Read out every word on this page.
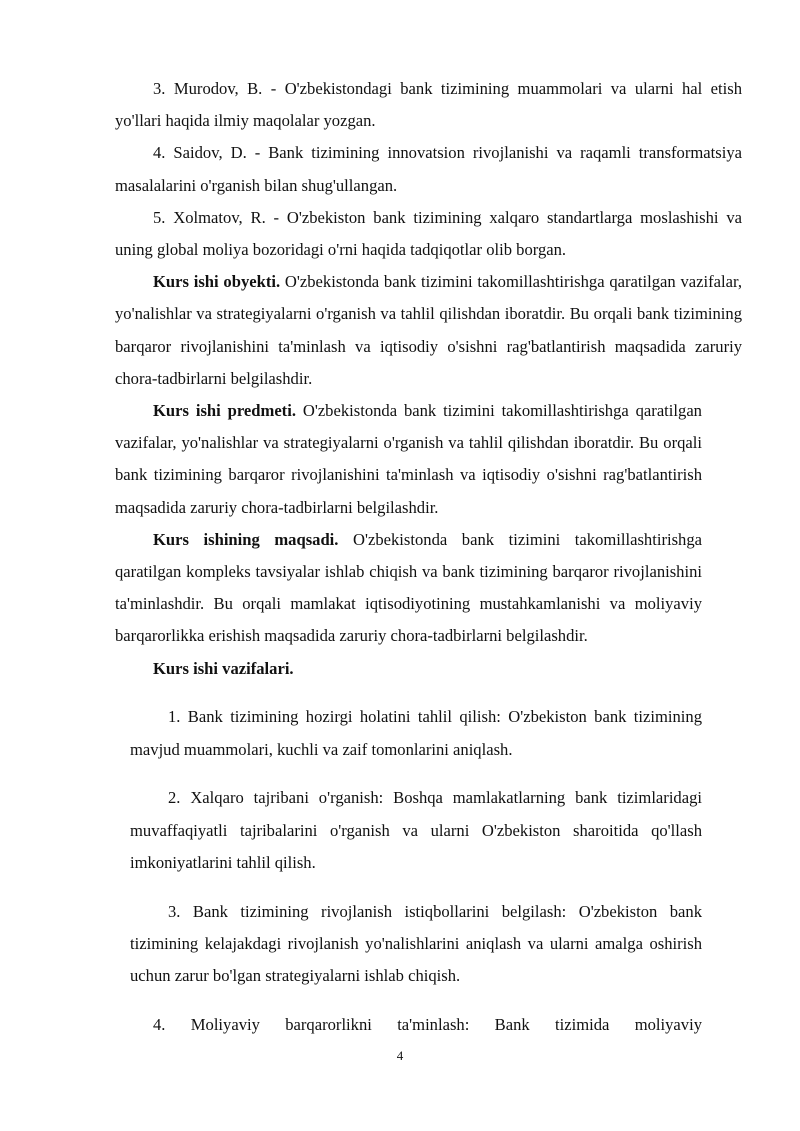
3. Murodov, B. - O'zbekistondagi bank tizimining muammolari va ularni hal etish yo'llari haqida ilmiy maqolalar yozgan.

4. Saidov, D. - Bank tizimining innovatsion rivojlanishi va raqamli transformatsiya masalalarini o'rganish bilan shug'ullangan.

5. Xolmatov, R. - O'zbekiston bank tizimining xalqaro standartlarga moslashishi va uning global moliya bozoridagi o'rni haqida tadqiqotlar olib borgan.

Kurs ishi obyekti. O'zbekistonda bank tizimini takomillashtirishga qaratilgan vazifalar, yo'nalishlar va strategiyalarni o'rganish va tahlil qilishdan iboratdir. Bu orqali bank tizimining barqaror rivojlanishini ta'minlash va iqtisodiy o'sishni rag'batlantirish maqsadida zaruriy chora-tadbirlarni belgilashdir.

Kurs ishi predmeti. O'zbekistonda bank tizimini takomillashtirishga qaratilgan vazifalar, yo'nalishlar va strategiyalarni o'rganish va tahlil qilishdan iboratdir. Bu orqali bank tizimining barqaror rivojlanishini ta'minlash va iqtisodiy o'sishni rag'batlantirish maqsadida zaruriy chora-tadbirlarni belgilashdir.

Kurs ishining maqsadi. O'zbekistonda bank tizimini takomillashtirishga qaratilgan kompleks tavsiyalar ishlab chiqish va bank tizimining barqaror rivojlanishini ta'minlashdir. Bu orqali mamlakat iqtisodiyotining mustahkamlanishi va moliyaviy barqarorlikka erishish maqsadida zaruriy chora-tadbirlarni belgilashdir.

Kurs ishi vazifalari.

1. Bank tizimining hozirgi holatini tahlil qilish: O'zbekiston bank tizimining mavjud muammolari, kuchli va zaif tomonlarini aniqlash.

2. Xalqaro tajribani o'rganish: Boshqa mamlakatlarning bank tizimlaridagi muvaffaqiyatli tajribalarini o'rganish va ularni O'zbekiston sharoitida qo'llash imkoniyatlarini tahlil qilish.

3. Bank tizimining rivojlanish istiqbollarini belgilash: O'zbekiston bank tizimining kelajakdagi rivojlanish yo'nalishlarini aniqlash va ularni amalga oshirish uchun zarur bo'lgan strategiyalarni ishlab chiqish.

4. Moliyaviy barqarorlikni ta'minlash: Bank tizimida moliyaviy

4
